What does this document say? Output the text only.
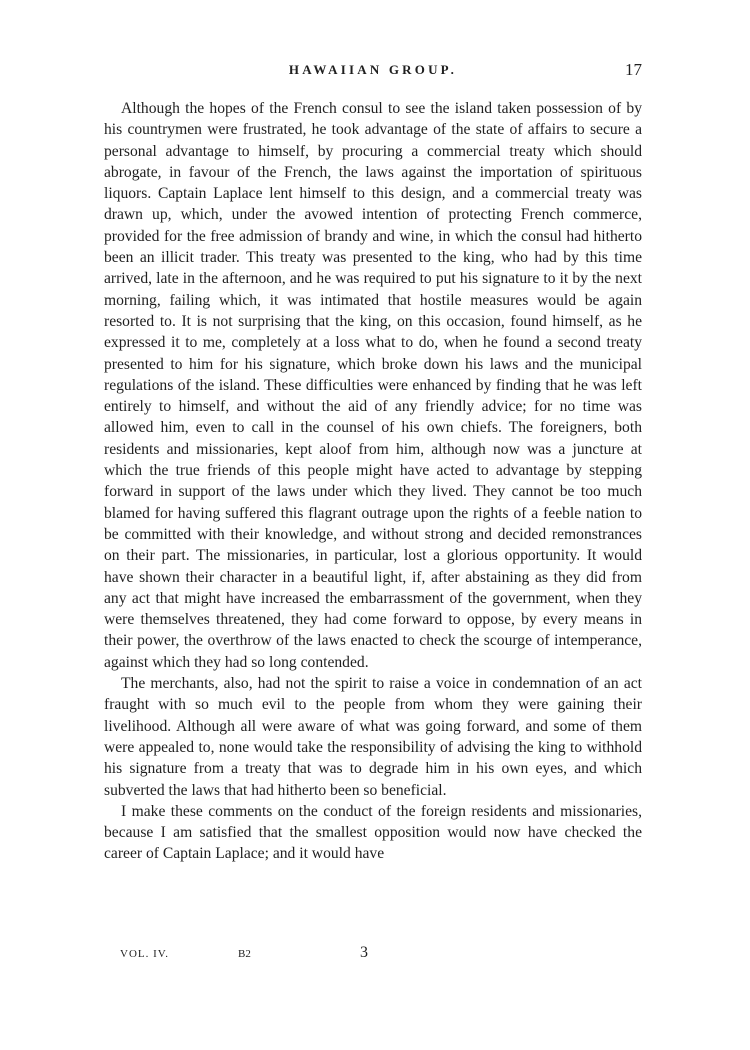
HAWAIIAN GROUP.	17

Although the hopes of the French consul to see the island taken possession of by his countrymen were frustrated, he took advantage of the state of affairs to secure a personal advantage to himself, by procuring a commercial treaty which should abrogate, in favour of the French, the laws against the importation of spirituous liquors. Captain Laplace lent himself to this design, and a commercial treaty was drawn up, which, under the avowed intention of protecting French commerce, provided for the free admission of brandy and wine, in which the consul had hitherto been an illicit trader. This treaty was presented to the king, who had by this time arrived, late in the afternoon, and he was required to put his signature to it by the next morning, failing which, it was intimated that hostile measures would be again resorted to. It is not surprising that the king, on this occasion, found himself, as he expressed it to me, completely at a loss what to do, when he found a second treaty presented to him for his signature, which broke down his laws and the municipal regulations of the island. These difficulties were enhanced by finding that he was left entirely to himself, and without the aid of any friendly advice; for no time was allowed him, even to call in the counsel of his own chiefs. The foreigners, both residents and missionaries, kept aloof from him, although now was a juncture at which the true friends of this people might have acted to advantage by stepping forward in support of the laws under which they lived. They cannot be too much blamed for having suffered this flagrant outrage upon the rights of a feeble nation to be committed with their knowledge, and without strong and decided remonstrances on their part. The missionaries, in particular, lost a glorious opportunity. It would have shown their character in a beautiful light, if, after abstaining as they did from any act that might have increased the embarrassment of the government, when they were themselves threatened, they had come forward to oppose, by every means in their power, the overthrow of the laws enacted to check the scourge of intemperance, against which they had so long contended.

The merchants, also, had not the spirit to raise a voice in condemnation of an act fraught with so much evil to the people from whom they were gaining their livelihood. Although all were aware of what was going forward, and some of them were appealed to, none would take the responsibility of advising the king to withhold his signature from a treaty that was to degrade him in his own eyes, and which subverted the laws that had hitherto been so beneficial.

I make these comments on the conduct of the foreign residents and missionaries, because I am satisfied that the smallest opposition would now have checked the career of Captain Laplace; and it would have

VOL. IV.	B2	3
